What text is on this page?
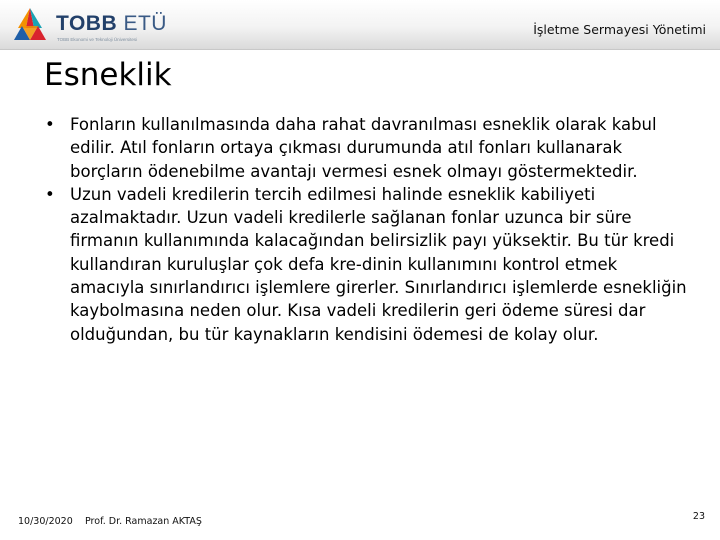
TOBB ETÜ
TOBB Ekonomi ve Teknoloji Üniversitesi
İşletme Sermayesi Yönetimi
Esneklik
• Fonların kullanılmasında daha rahat davranılması esneklik olarak kabul edilir. Atıl fonların ortaya çıkması durumunda atıl fonları kullanarak borçların ödenebilme avantajı vermesi esnek olmayı göstermektedir.
• Uzun vadeli kredilerin tercih edilmesi halinde esneklik kabiliyeti azalmaktadır. Uzun vadeli kredilerle sağlanan fonlar uzunca bir süre firmanın kullanımında kalacağından belirsizlik payı yüksektir. Bu tür kredi kullandıran kuruluşlar çok defa kre-dinin kullanımını kontrol etmek amacıyla sınırlandırıcı işlemlere girerler. Sınırlandırıcı işlemlerde esnekliğin kaybolmasına neden olur. Kısa vadeli kredilerin geri ödeme süresi dar olduğundan, bu tür kaynakların kendisini ödemesi de kolay olur.
10/30/2020 Prof. Dr. Ramazan AKTAŞ	23
